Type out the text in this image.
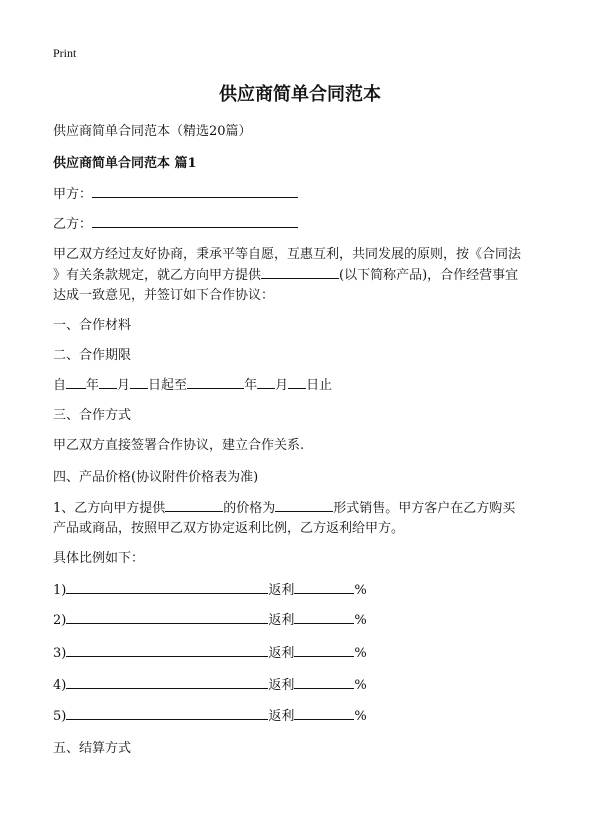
Print
供应商简单合同范本
供应商简单合同范本（精选20篇）
供应商简单合同范本 篇1
甲方：
乙方：
甲乙双方经过友好协商，秉承平等自愿，互惠互利，共同发展的原则，按《合同法
》有关条款规定，就乙方向甲方提供	(以下简称产品)，合作经营事宜
达成一致意见，并签订如下合作协议：
一、合作材料
二、合作期限
自 年 月 日起至	年 月 日止
三、合作方式
甲乙双方直接签署合作协议，建立合作关系.
四、产品价格(协议附件价格表为准)
1、乙方向甲方提供	的价格为	形式销售。甲方客户在乙方购买
产品或商品，按照甲乙双方协定返利比例，乙方返利给甲方。
具体比例如下：
1)	返利	%
2)	返利	%
3)	返利	%
4)	返利	%
5)	返利	%
五、结算方式
